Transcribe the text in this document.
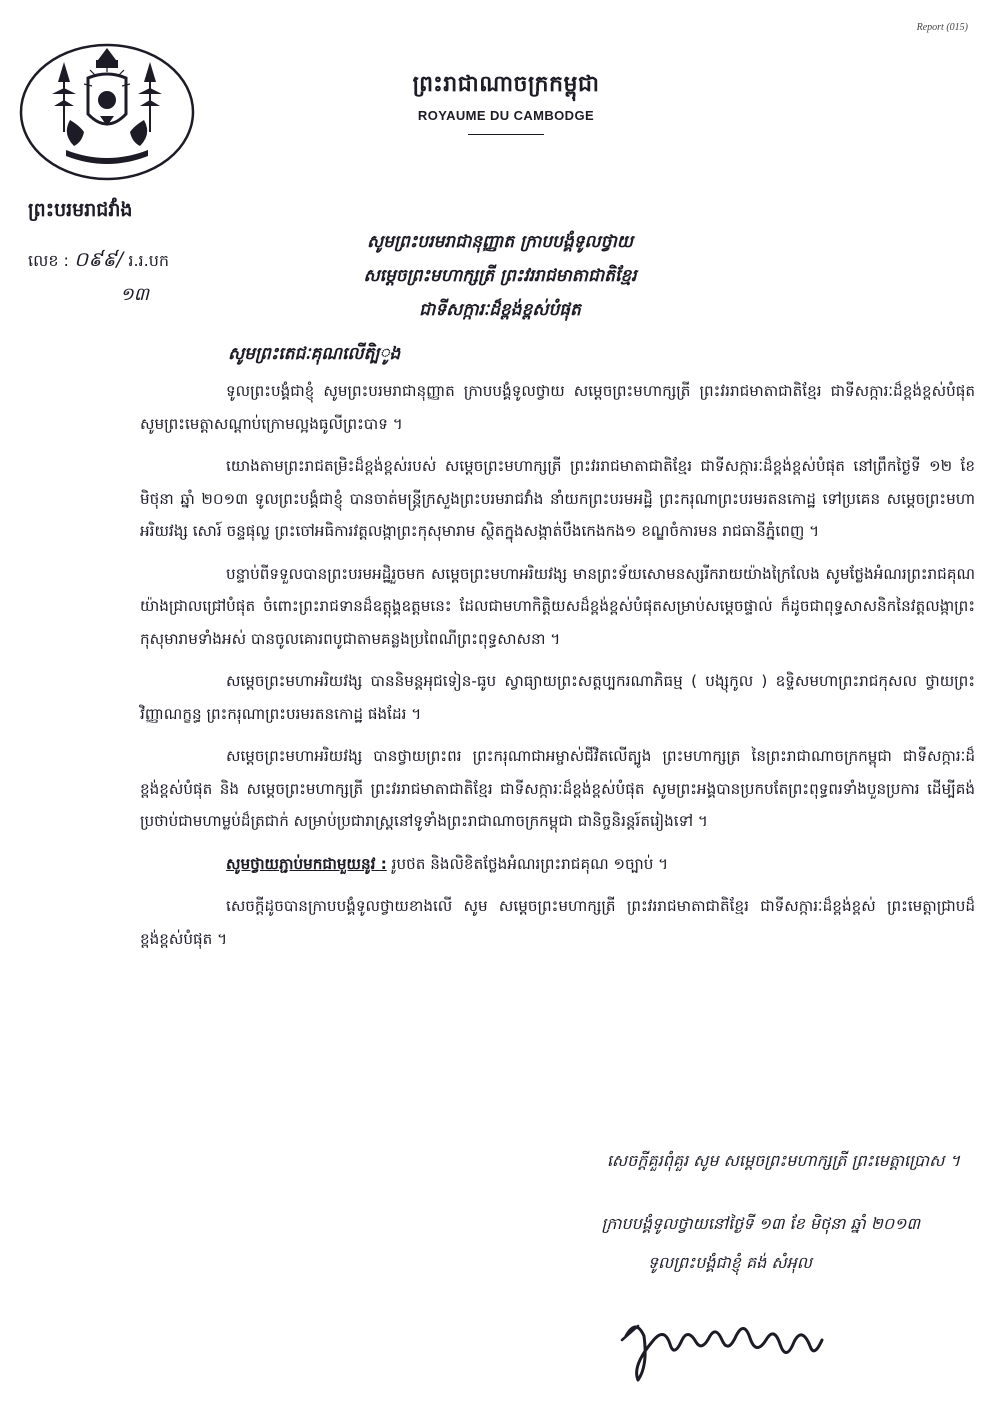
Report (015)
ព្រះរាជាណាចក្រកម្ពុជា
ROYAUME DU CAMBODGE
ព្រះបរមរាជវាំង
លេខ : ០៩៩/ រ.រ.បក
១៣
សូមព្រះបរមរាជានុញ្ញាត ក្រាបបង្គំទូលថ្វាយ
សម្តេចព្រះមហាក្សត្រី ព្រះវររាជមាតាជាតិខ្មែរ
ជាទីសក្ការៈដ៏ខ្ពង់ខ្ពស់បំផុត
សូមព្រះតេជៈគុណលើតិ្បូង

ទូលព្រះបង្គំជាខ្ញុំ សូមព្រះបរមរាជានុញ្ញាត ក្រាបបង្គំទូលថ្វាយ សម្តេចព្រះមហាក្សត្រី ព្រះវររាជមាតាជាតិខ្មែរ ជាទីសក្ការៈដ៏ខ្ពង់ខ្ពស់បំផុត សូមព្រះមេត្តាសណ្តាប់ក្រោមល្អងធូលីព្រះបាទ ។

យោងតាមព្រះរាជតម្រិះដ៏ខ្ពង់ខ្ពស់របស់ សម្តេចព្រះមហាក្សត្រី ព្រះវររាជមាតាជាតិខ្មែរ ជាទីសក្ការៈដ៏ខ្ពង់ខ្ពស់បំផុត នៅព្រឹកថ្ងៃទី ១២ ខែ មិថុនា ឆ្នាំ ២០១៣ ទូលព្រះបង្គំជាខ្ញុំ បានចាត់មន្ត្រីក្រសួងព្រះបរមរាជវាំង នាំយកព្រះបរមអដ្ឋិ ព្រះករុណាព្រះបរមរតនកោដ្ឋ ទៅប្រគេន សម្តេចព្រះមហាអរិយវង្ស សោរ៍ ចន្ទផុល្ល ព្រះចៅអធិការវត្តលង្កាព្រះកុសុមារាម ស្ថិតក្នុងសង្កាត់បឹងកេងកង១ ខណ្ឌចំការមន រាជធានីភ្នំពេញ ។

បន្ទាប់ពីទទួលបានព្រះបរមអដ្ឋិរួចមក សម្តេចព្រះមហាអរិយវង្ស មានព្រះទ័យសោមនស្សរីករាយយ៉ាងក្រៃលែង សូមថ្លែងអំណរព្រះរាជគុណយ៉ាងជ្រាលជ្រៅបំផុត ចំពោះព្រះរាជទានដ៏ឧត្តុង្គឧត្តមនេះ ដែលជាមហាកិត្តិយសដ៏ខ្ពង់ខ្ពស់បំផុតសម្រាប់សម្តេចផ្ទាល់ ក៏ដូចជាពុទ្ធសាសនិកនៃវត្តលង្កាព្រះកុសុមារាមទាំងអស់ បានចូលគោរពបូជាតាមគន្លងប្រពៃណីព្រះពុទ្ធសាសនា ។

សម្តេចព្រះមហាអរិយវង្ស បាននិមន្តអុជទៀន-ធូប ស្វាធ្យាយព្រះសត្តប្បករណាភិធម្ម ( បង្សុកូល ) ឧទ្ទិសមហាព្រះរាជកុសល ថ្វាយព្រះវិញ្ញាណក្ខន្ធ ព្រះករុណាព្រះបរមរតនកោដ្ឋ ផងដែរ ។

សម្តេចព្រះមហាអរិយវង្ស បានថ្វាយព្រះពរ ព្រះករុណាជាអម្ចាស់ជីវិតលើត្បូង ព្រះមហាក្សត្រ នៃព្រះរាជាណាចក្រកម្ពុជា ជាទីសក្ការៈដ៏ខ្ពង់ខ្ពស់បំផុត និង សម្តេចព្រះមហាក្សត្រី ព្រះវររាជមាតាជាតិខ្មែរ ជាទីសក្ការៈដ៏ខ្ពង់ខ្ពស់បំផុត សូមព្រះអង្គបានប្រកបតែព្រះពុទ្ធពរទាំងបួនប្រការ ដើម្បីគង់ប្រថាប់ជាមហាម្លប់ដ៏ត្រជាក់ សម្រាប់ប្រជារាស្ត្រនៅទូទាំងព្រះរាជាណាចក្រកម្ពុជា ជានិច្ចនិរន្តរ៍តរៀងទៅ ។

សូមថ្វាយភ្ជាប់មកជាមួយនូវ : រូបថត និងលិខិតថ្លែងអំណរព្រះរាជគុណ ១ច្បាប់ ។

សេចក្តីដូចបានក្រាបបង្គំទូលថ្វាយខាងលើ សូម សម្តេចព្រះមហាក្សត្រី ព្រះវររាជមាតាជាតិខ្មែរ ជាទីសក្ការៈដ៏ខ្ពង់ខ្ពស់ ព្រះមេត្តាជ្រាបដ៏ខ្ពង់ខ្ពស់បំផុត ។

សេចក្តីគួរពុំគួរ សូម សម្តេចព្រះមហាក្សត្រី ព្រះមេត្តាប្រោស ។
ក្រាបបង្គំទូលថ្វាយនៅថ្ងៃទី ១៣ ខែ មិថុនា ឆ្នាំ ២០១៣
ទូលព្រះបង្គំជាខ្ញុំ គង់ សំអុល
